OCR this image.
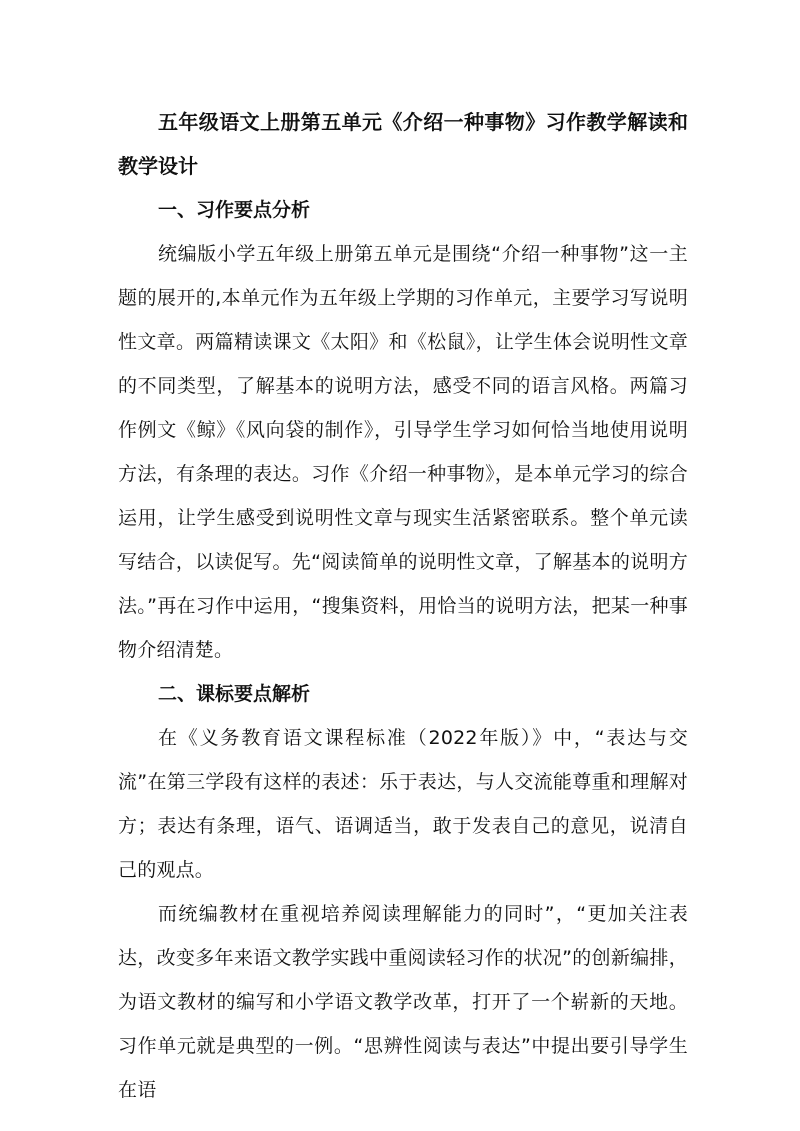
五年级语文上册第五单元《介绍一种事物》习作教学解读和教学设计

一、习作要点分析

统编版小学五年级上册第五单元是围绕“介绍一种事物”这一主题的展开的,本单元作为五年级上学期的习作单元，主要学习写说明性文章。两篇精读课文《太阳》和《松鼠》，让学生体会说明性文章的不同类型，了解基本的说明方法，感受不同的语言风格。两篇习作例文《鲸》《风向袋的制作》，引导学生学习如何恰当地使用说明方法，有条理的表达。习作《介绍一种事物》，是本单元学习的综合运用，让学生感受到说明性文章与现实生活紧密联系。整个单元读写结合，以读促写。先“阅读简单的说明性文章，了解基本的说明方法。”再在习作中运用，“搜集资料，用恰当的说明方法，把某一种事物介绍清楚。

二、课标要点解析

在《义务教育语文课程标准（2022年版）》中，“表达与交流”在第三学段有这样的表述：乐于表达，与人交流能尊重和理解对方；表达有条理，语气、语调适当，敢于发表自己的意见，说清自己的观点。

而统编教材在重视培养阅读理解能力的同时”，“更加关注表达，改变多年来语文教学实践中重阅读轻习作的状况”的创新编排，为语文教材的编写和小学语文教学改革，打开了一个崭新的天地。习作单元就是典型的一例。“思辨性阅读与表达”中提出要引导学生在语
